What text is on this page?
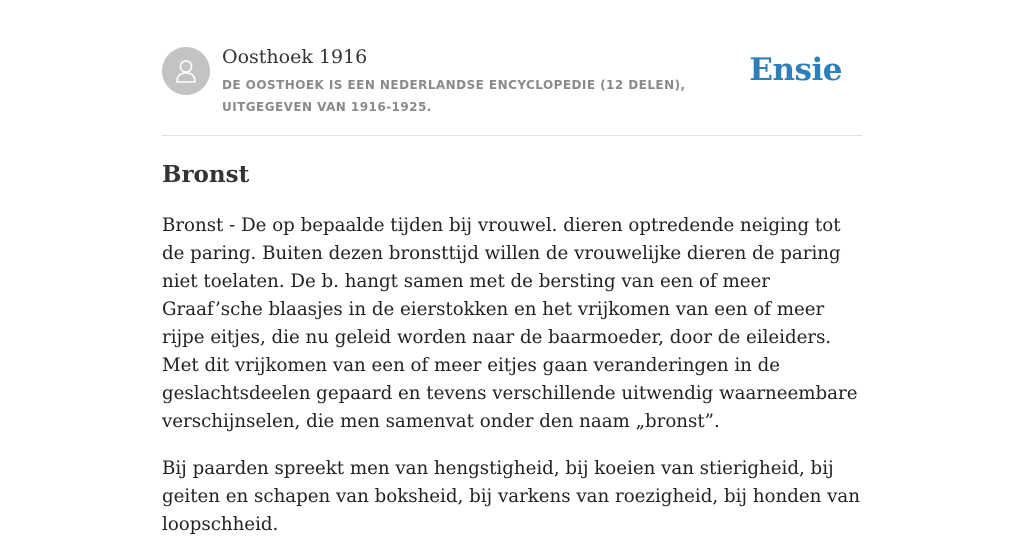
Oosthoek 1916
DE OOSTHOEK IS EEN NEDERLANDSE ENCYCLOPEDIE (12 DELEN), UITGEGEVEN VAN 1916-1925.
Ensie
Bronst

Bronst - De op bepaalde tijden bij vrouwel. dieren optredende neiging tot de paring. Buiten dezen bronsttijd willen de vrouwelijke dieren de paring niet toelaten. De b. hangt samen met de bersting van een of meer Graaf’sche blaasjes in de eierstokken en het vrijkomen van een of meer rijpe eitjes, die nu geleid worden naar de baarmoeder, door de eileiders. Met dit vrijkomen van een of meer eitjes gaan veranderingen in de geslachtsdeelen gepaard en tevens verschillende uitwendig waarneembare verschijnselen, die men samenvat onder den naam „bronst”.

Bij paarden spreekt men van hengstigheid, bij koeien van stierigheid, bij geiten en schapen van boksheid, bij varkens van roezigheid, bij honden van loopschheid.
